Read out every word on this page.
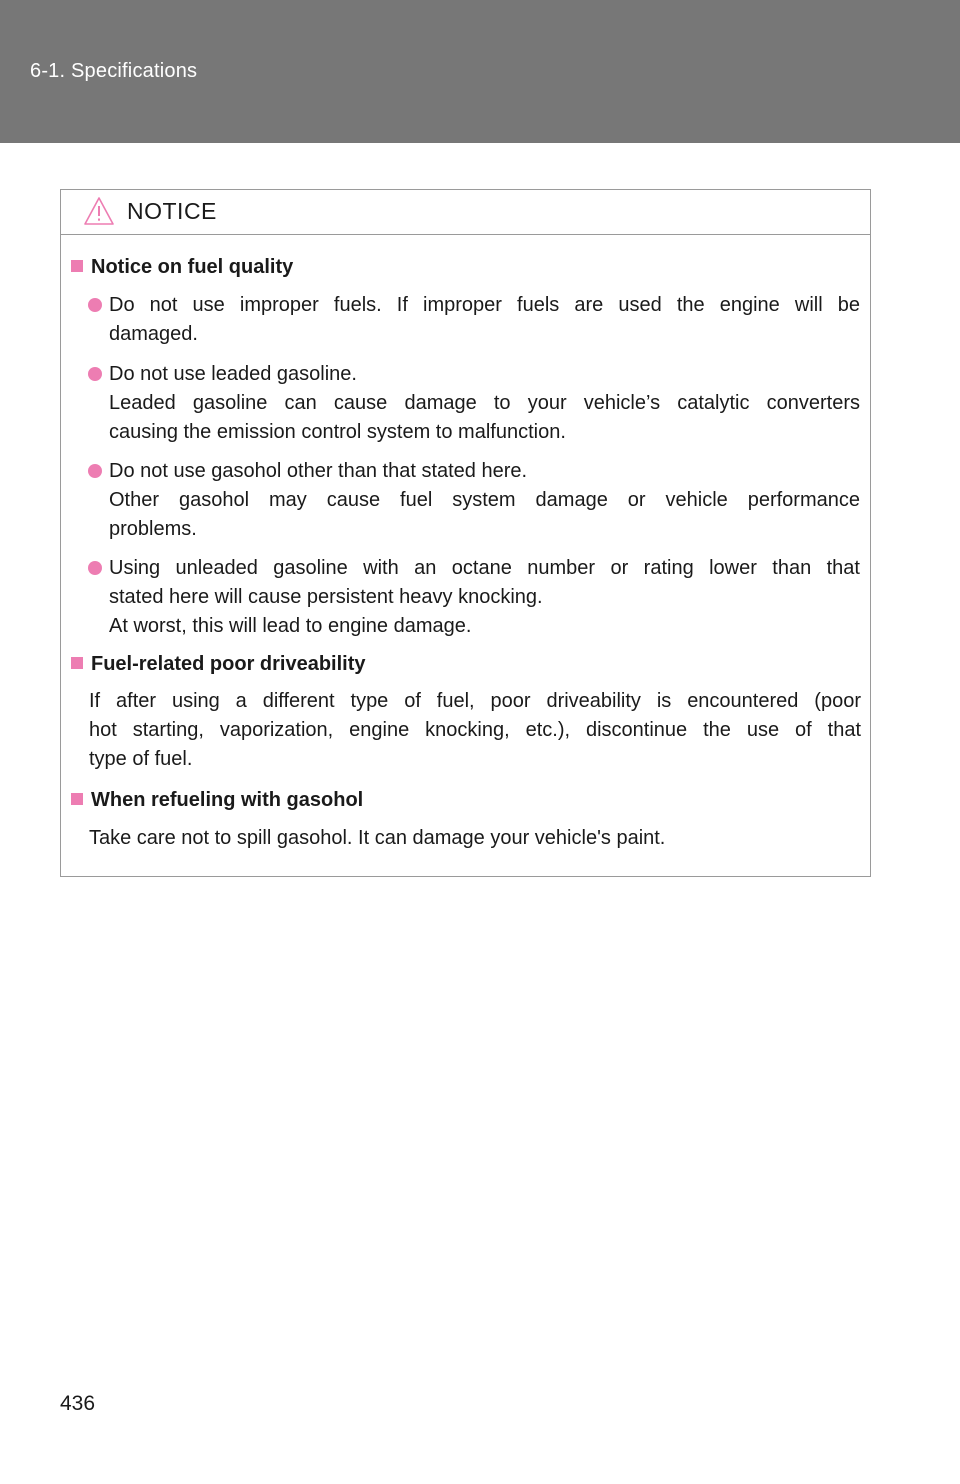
6-1. Specifications
NOTICE
Notice on fuel quality
Do not use improper fuels. If improper fuels are used the engine will be
damaged.
Do not use leaded gasoline.
Leaded gasoline can cause damage to your vehicle’s catalytic converters
causing the emission control system to malfunction.
Do not use gasohol other than that stated here.
Other gasohol may cause fuel system damage or vehicle performance
problems.
Using unleaded gasoline with an octane number or rating lower than that
stated here will cause persistent heavy knocking.
At worst, this will lead to engine damage.
Fuel-related poor driveability
If after using a different type of fuel, poor driveability is encountered (poor
hot starting, vaporization, engine knocking, etc.), discontinue the use of that
type of fuel.
When refueling with gasohol
Take care not to spill gasohol. It can damage your vehicle's paint.
436
